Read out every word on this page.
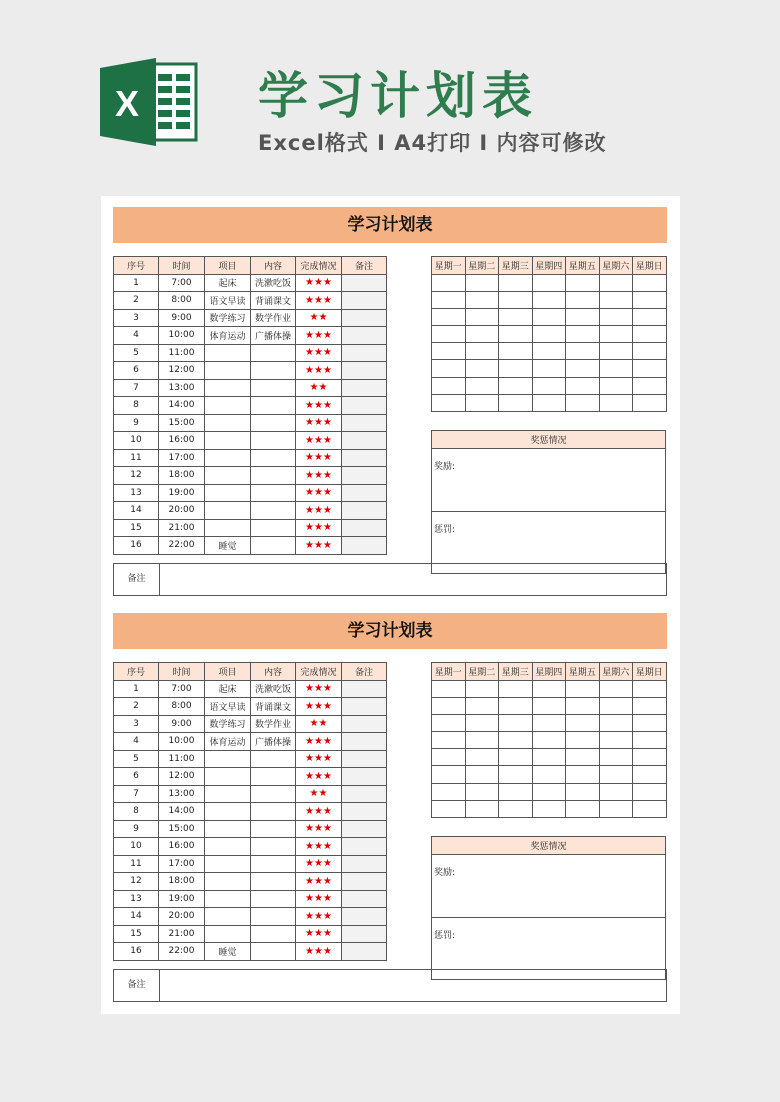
X 学习计划表
Excel格式 I A4打印 I 内容可修改
学习计划表
序号	时间	项目	内容	完成情况	备注
1	7:00	起床	洗漱吃饭	★★★	
2	8:00	语文早读	背诵课文	★★★	
3	9:00	数学练习	数学作业	★★	
4	10:00	体育运动	广播体操	★★★	
5	11:00			★★★	
6	12:00			★★★	
7	13:00			★★	
8	14:00			★★★	
9	15:00			★★★	
10	16:00			★★★	
11	17:00			★★★	
12	18:00			★★★	
13	19:00			★★★	
14	20:00			★★★	
15	21:00			★★★	
16	22:00	睡觉		★★★	
星期一	星期二	星期三	星期四	星期五	星期六	星期日

奖惩情况
奖励:
惩罚:
备注
学习计划表
序号	时间	项目	内容	完成情况	备注
1	7:00	起床	洗漱吃饭	★★★	
2	8:00	语文早读	背诵课文	★★★	
3	9:00	数学练习	数学作业	★★	
4	10:00	体育运动	广播体操	★★★	
5	11:00			★★★	
6	12:00			★★★	
7	13:00			★★	
8	14:00			★★★	
9	15:00			★★★	
10	16:00			★★★	
11	17:00			★★★	
12	18:00			★★★	
13	19:00			★★★	
14	20:00			★★★	
15	21:00			★★★	
16	22:00	睡觉		★★★	
星期一	星期二	星期三	星期四	星期五	星期六	星期日

奖惩情况
奖励:
惩罚:
备注
